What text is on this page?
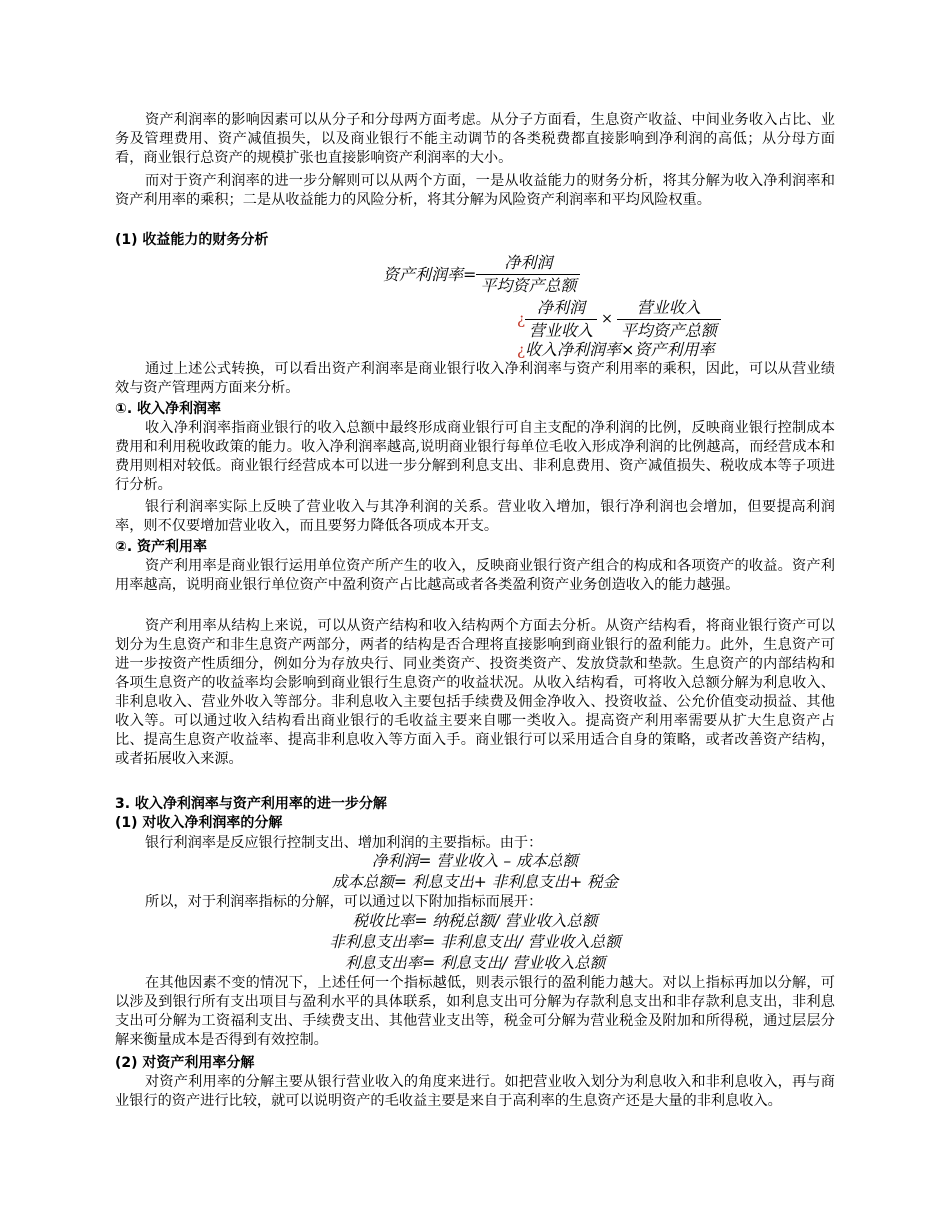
资产利润率的影响因素可以从分子和分母两方面考虑。从分子方面看，生息资产收益、中间业务收入占比、业务及管理费用、资产减值损失，以及商业银行不能主动调节的各类税费都直接影响到净利润的高低；从分母方面看，商业银行总资产的规模扩张也直接影响资产利润率的大小。

而对于资产利润率的进一步分解则可以从两个方面，一是从收益能力的财务分析，将其分解为收入净利润率和资产利用率的乘积；二是从收益能力的风险分析，将其分解为风险资产利润率和平均风险权重。

(1) 收益能力的财务分析
资产利润率= $\frac{\text{净利润}}{\text{平均资产总额}}$
¿ $\frac{\text{净利润}}{\text{营业收入}} \times \frac{\text{营业收入}}{\text{平均资产总额}}$
¿收入净利润率×资产利用率

通过上述公式转换，可以看出资产利润率是商业银行收入净利润率与资产利用率的乘积，因此，可以从营业绩效与资产管理两方面来分析。

①. 收入净利润率

收入净利润率指商业银行的收入总额中最终形成商业银行可自主支配的净利润的比例，反映商业银行控制成本费用和利用税收政策的能力。收入净利润率越高,说明商业银行每单位毛收入形成净利润的比例越高，而经营成本和费用则相对较低。商业银行经营成本可以进一步分解到利息支出、非利息费用、资产减值损失、税收成本等子项进行分析。

银行利润率实际上反映了营业收入与其净利润的关系。营业收入增加，银行净利润也会增加，但要提高利润率，则不仅要增加营业收入，而且要努力降低各项成本开支。

②. 资产利用率

资产利用率是商业银行运用单位资产所产生的收入，反映商业银行资产组合的构成和各项资产的收益。资产利用率越高，说明商业银行单位资产中盈利资产占比越高或者各类盈利资产业务创造收入的能力越强。

资产利用率从结构上来说，可以从资产结构和收入结构两个方面去分析。从资产结构看，将商业银行资产可以划分为生息资产和非生息资产两部分，两者的结构是否合理将直接影响到商业银行的盈利能力。此外，生息资产可进一步按资产性质细分，例如分为存放央行、同业类资产、投资类资产、发放贷款和垫款。生息资产的内部结构和各项生息资产的收益率均会影响到商业银行生息资产的收益状况。从收入结构看，可将收入总额分解为利息收入、非利息收入、营业外收入等部分。非利息收入主要包括手续费及佣金净收入、投资收益、公允价值变动损益、其他收入等。可以通过收入结构看出商业银行的毛收益主要来自哪一类收入。提高资产利用率需要从扩大生息资产占比、提高生息资产收益率、提高非利息收入等方面入手。商业银行可以采用适合自身的策略，或者改善资产结构，或者拓展收入来源。

3. 收入净利润率与资产利用率的进一步分解
(1) 对收入净利润率的分解

银行利润率是反应银行控制支出、增加利润的主要指标。由于：

净利润= 营业收入 – 成本总额
成本总额= 利息支出+ 非利息支出+ 税金

所以，对于利润率指标的分解，可以通过以下附加指标而展开：

税收比率= 纳税总额/ 营业收入总额
非利息支出率= 非利息支出/ 营业收入总额
利息支出率= 利息支出/ 营业收入总额

在其他因素不变的情况下，上述任何一个指标越低，则表示银行的盈利能力越大。对以上指标再加以分解，可以涉及到银行所有支出项目与盈利水平的具体联系，如利息支出可分解为存款利息支出和非存款利息支出，非利息支出可分解为工资福利支出、手续费支出、其他营业支出等，税金可分解为营业税金及附加和所得税，通过层层分解来衡量成本是否得到有效控制。

(2) 对资产利用率分解

对资产利用率的分解主要从银行营业收入的角度来进行。如把营业收入划分为利息收入和非利息收入，再与商业银行的资产进行比较，就可以说明资产的毛收益主要是来自于高利率的生息资产还是大量的非利息收入。
